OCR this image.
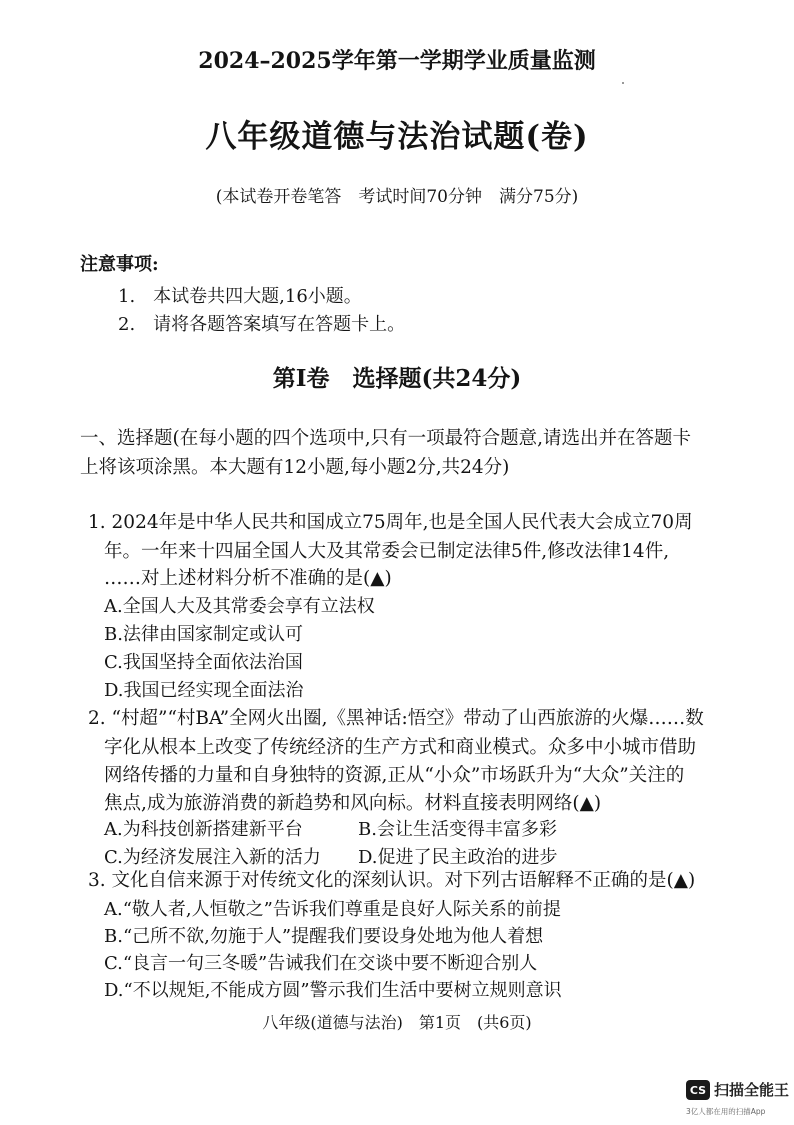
2024–2025学年第一学期学业质量监测
八年级道德与法治试题(卷)
(本试卷开卷笔答　考试时间70分钟　满分75分)
注意事项:
1.　本试卷共四大题,16小题。
2.　请将各题答案填写在答题卡上。
第Ⅰ卷　选择题(共24分)
一、选择题(在每小题的四个选项中,只有一项最符合题意,请选出并在答题卡
上将该项涂黑。本大题有12小题,每小题2分,共24分)
1. 2024年是中华人民共和国成立75周年,也是全国人民代表大会成立70周
年。一年来十四届全国人大及其常委会已制定法律5件,修改法律14件,
……对上述材料分析不准确的是(▲)
A.全国人大及其常委会享有立法权
B.法律由国家制定或认可
C.我国坚持全面依法治国
D.我国已经实现全面法治
2. “村超”“村BA”全网火出圈,《黑神话:悟空》带动了山西旅游的火爆……数
字化从根本上改变了传统经济的生产方式和商业模式。众多中小城市借助
网络传播的力量和自身独特的资源,正从“小众”市场跃升为“大众”关注的
焦点,成为旅游消费的新趋势和风向标。材料直接表明网络(▲)
A.为科技创新搭建新平台	B.会让生活变得丰富多彩
C.为经济发展注入新的活力 D.促进了民主政治的进步
3. 文化自信来源于对传统文化的深刻认识。对下列古语解释不正确的是(▲)
A.“敬人者,人恒敬之”告诉我们尊重是良好人际关系的前提
B.“己所不欲,勿施于人”提醒我们要设身处地为他人着想
C.“良言一句三冬暖”告诫我们在交谈中要不断迎合别人
D.“不以规矩,不能成方圆”警示我们生活中要树立规则意识
八年级(道德与法治)　第1页　(共6页)
CS 扫描全能王
3亿人都在用的扫描App
